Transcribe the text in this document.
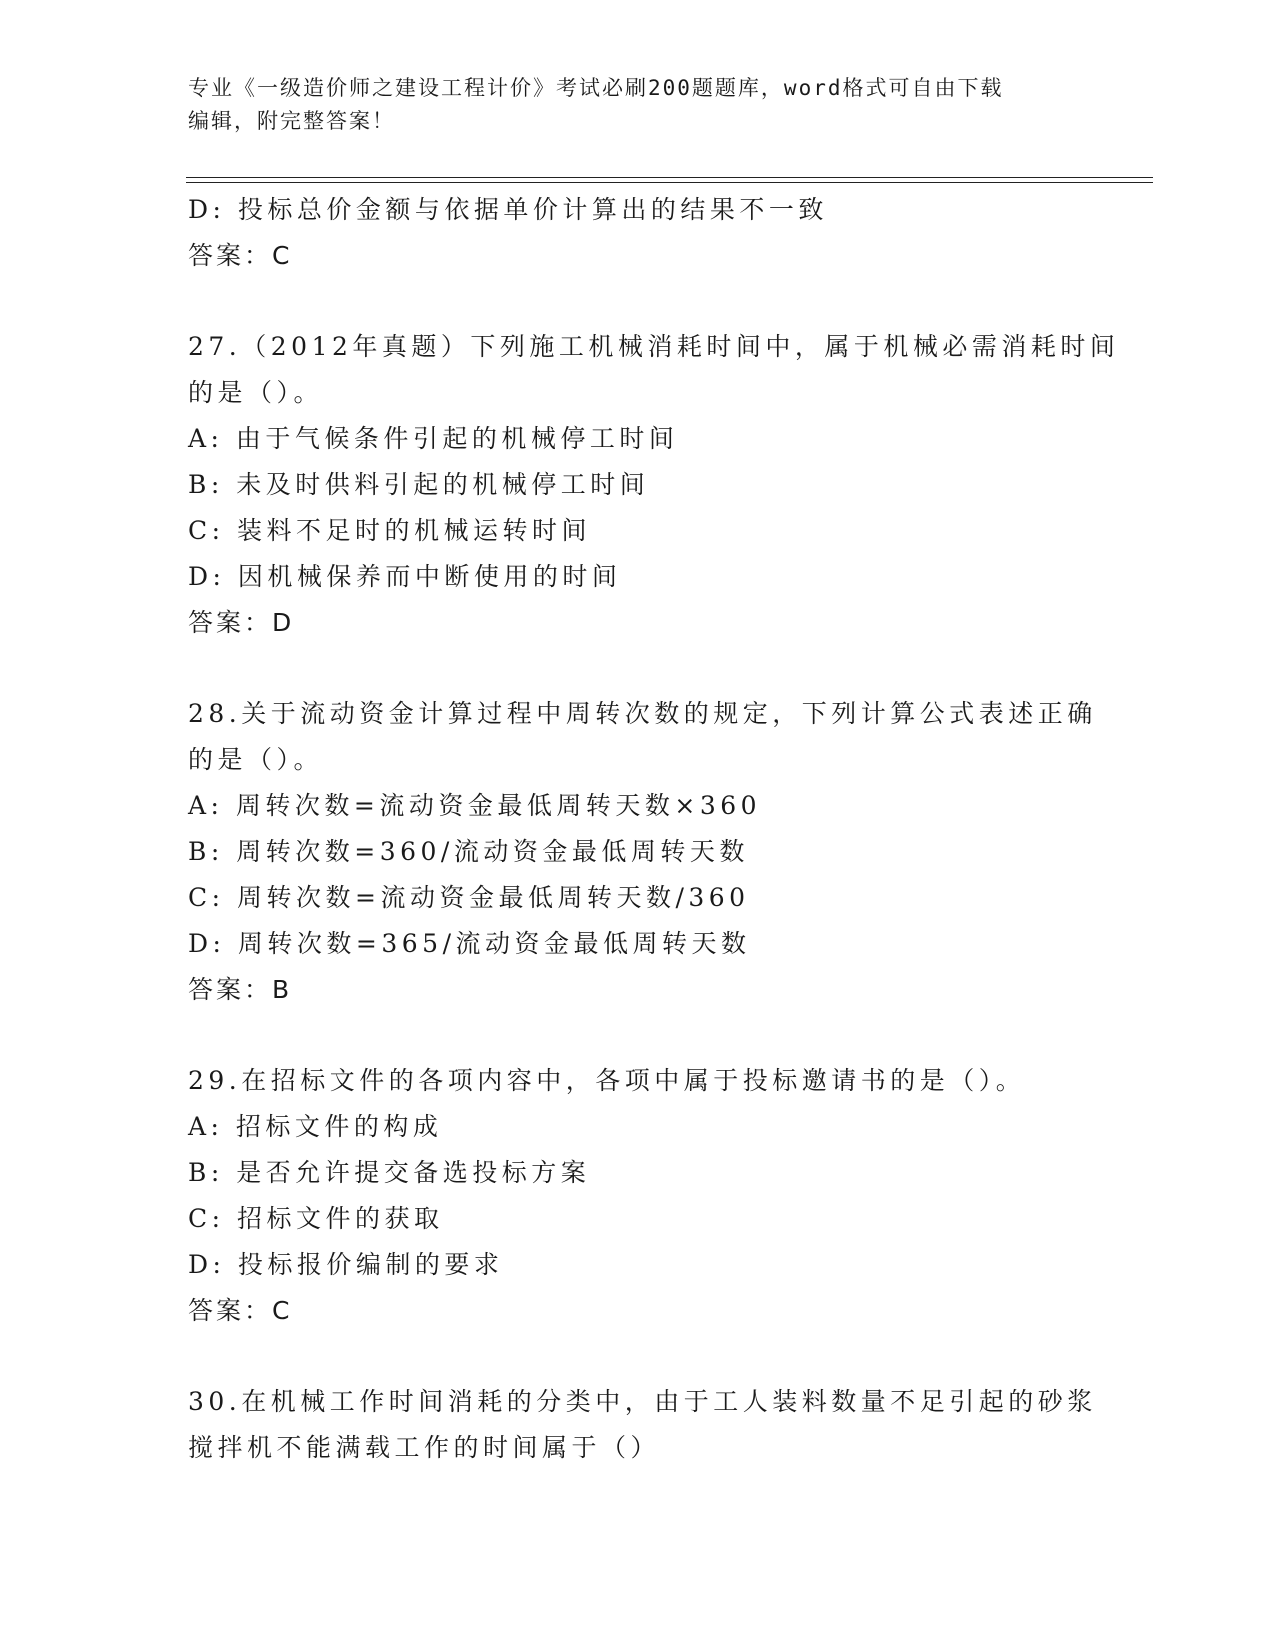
专业《一级造价师之建设工程计价》考试必刷200题题库，word格式可自由下载
编辑，附完整答案！
D: 投标总价金额与依据单价计算出的结果不一致
答案：C
27.（2012年真题）下列施工机械消耗时间中，属于机械必需消耗时间
的是（）。
A: 由于气候条件引起的机械停工时间
B: 未及时供料引起的机械停工时间
C: 装料不足时的机械运转时间
D: 因机械保养而中断使用的时间
答案：D
28.关于流动资金计算过程中周转次数的规定，下列计算公式表述正确
的是（）。
A: 周转次数=流动资金最低周转天数×360
B: 周转次数=360/流动资金最低周转天数
C: 周转次数=流动资金最低周转天数/360
D: 周转次数=365/流动资金最低周转天数
答案：B
29.在招标文件的各项内容中，各项中属于投标邀请书的是（）。
A: 招标文件的构成
B: 是否允许提交备选投标方案
C: 招标文件的获取
D: 投标报价编制的要求
答案：C
30.在机械工作时间消耗的分类中，由于工人装料数量不足引起的砂浆
搅拌机不能满载工作的时间属于（）
